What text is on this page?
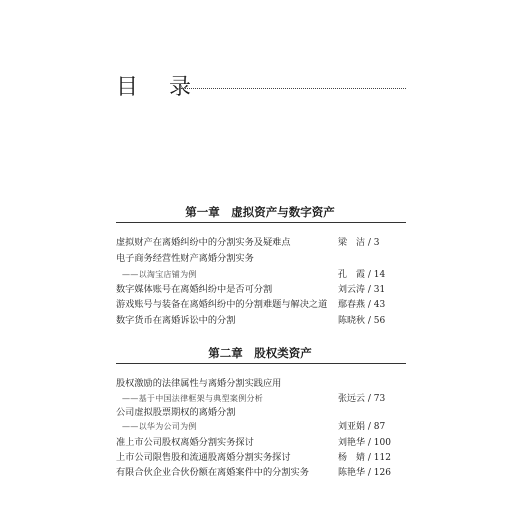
目 录
第一章　虚拟资产与数字资产
虚拟财产在离婚纠纷中的分割实务及疑难点	梁　洁 / 3
电子商务经营性财产离婚分割实务
——以淘宝店铺为例	孔　霞 / 14
数字媒体账号在离婚纠纷中是否可分割	刘云涛 / 31
游戏账号与装备在离婚纠纷中的分割难题与解决之道 鄢春燕 / 43
数字货币在离婚诉讼中的分割	陈晓秋 / 56
第二章　股权类资产
股权激励的法律属性与离婚分割实践应用
——基于中国法律框架与典型案例分析	张远云 / 73
公司虚拟股票期权的离婚分割
——以华为公司为例	刘亚娟 / 87
准上市公司股权离婚分割实务探讨	刘艳华 / 100
上市公司限售股和流通股离婚分割实务探讨	杨　婧 / 112
有限合伙企业合伙份额在离婚案件中的分割实务	陈艳华 / 126
